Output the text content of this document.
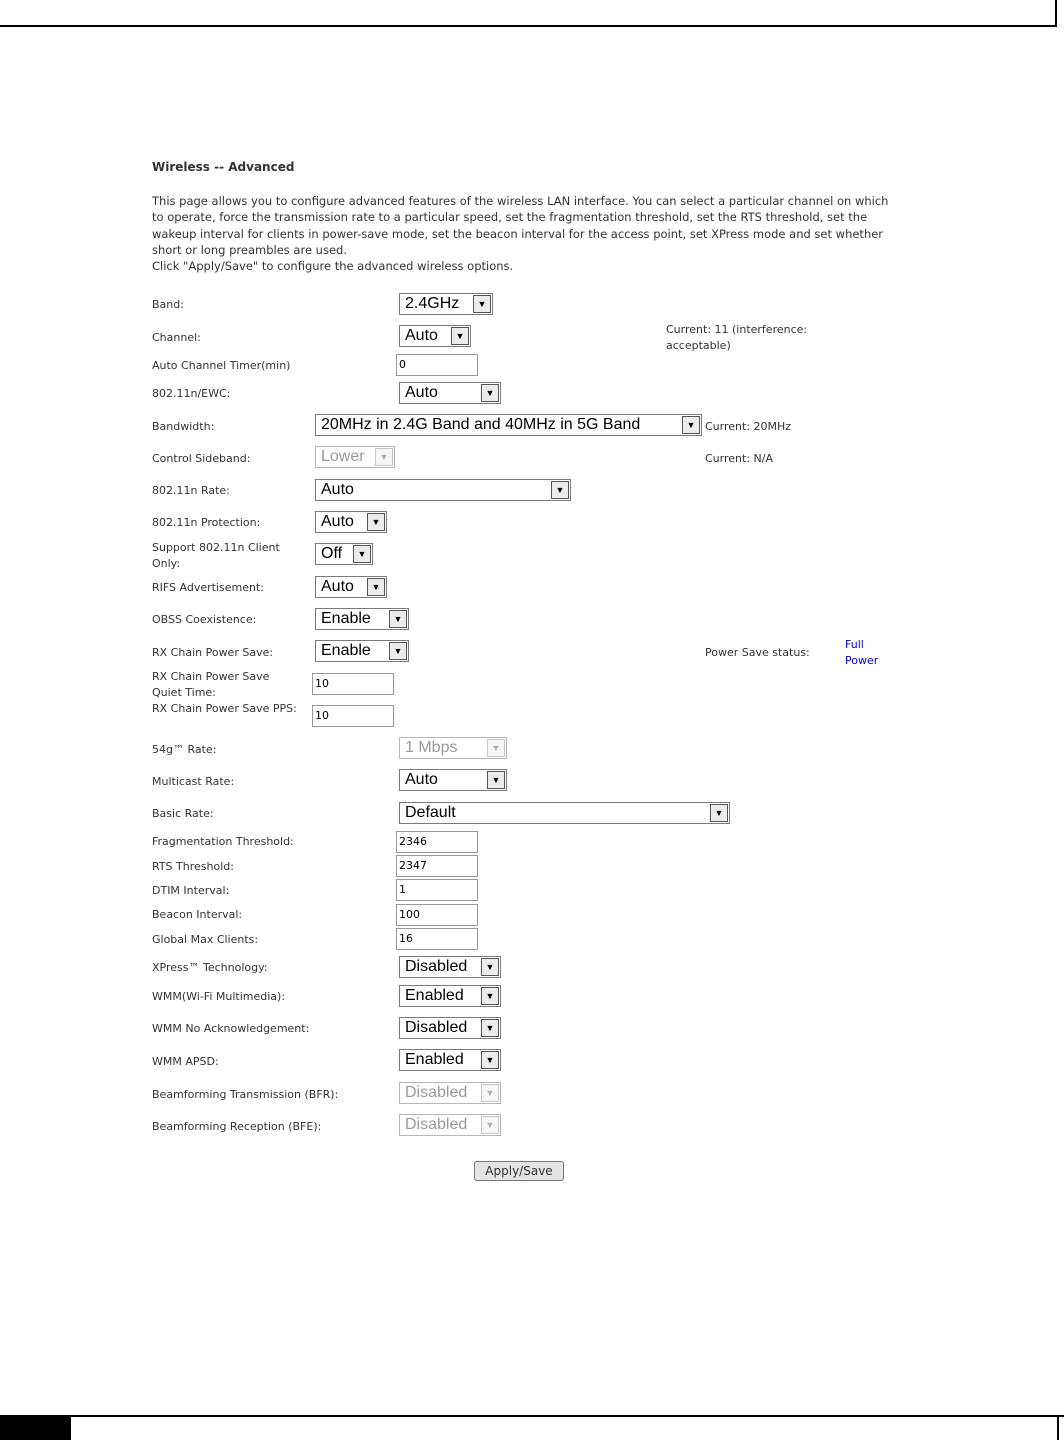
Wireless -- Advanced
This page allows you to configure advanced features of the wireless LAN interface. You can select a particular channel on which to operate, force the transmission rate to a particular speed, set the fragmentation threshold, set the RTS threshold, set the wakeup interval for clients in power-save mode, set the beacon interval for the access point, set XPress mode and set whether short or long preambles are used.
Click "Apply/Save" to configure the advanced wireless options.
Band:	2.4GHz	▼
Channel:	Auto	▼	Current: 11 (interference: acceptable)
Auto Channel Timer(min)	0
802.11n/EWC:	Auto	▼
Bandwidth:	20MHz in 2.4G Band and 40MHz in 5G Band	▼ Current: 20MHz
Control Sideband:	Lower	▼	Current: N/A
802.11n Rate:	Auto	▼
802.11n Protection:	Auto	▼
Support 802.11n Client Only:
Off	▼
RIFS Advertisement:	Auto	▼
OBSS Coexistence:	Enable	▼
RX Chain Power Save:	Enable	▼	Power Save status:
Full Power
RX Chain Power Save Quiet Time:
10
RX Chain Power Save PPS:
10
54g™ Rate:	1 Mbps	▼
Multicast Rate:	Auto	▼
Basic Rate:	Default	▼
Fragmentation Threshold:	2346
RTS Threshold:	2347
DTIM Interval:	1
Beacon Interval:	100
Global Max Clients:	16
XPress™ Technology:	Disabled	▼
WMM(Wi-Fi Multimedia):	Enabled	▼
WMM No Acknowledgement:	Disabled	▼
WMM APSD:	Enabled	▼
Beamforming Transmission (BFR):	Disabled	▼
Beamforming Reception (BFE):	Disabled	▼
Apply/Save
